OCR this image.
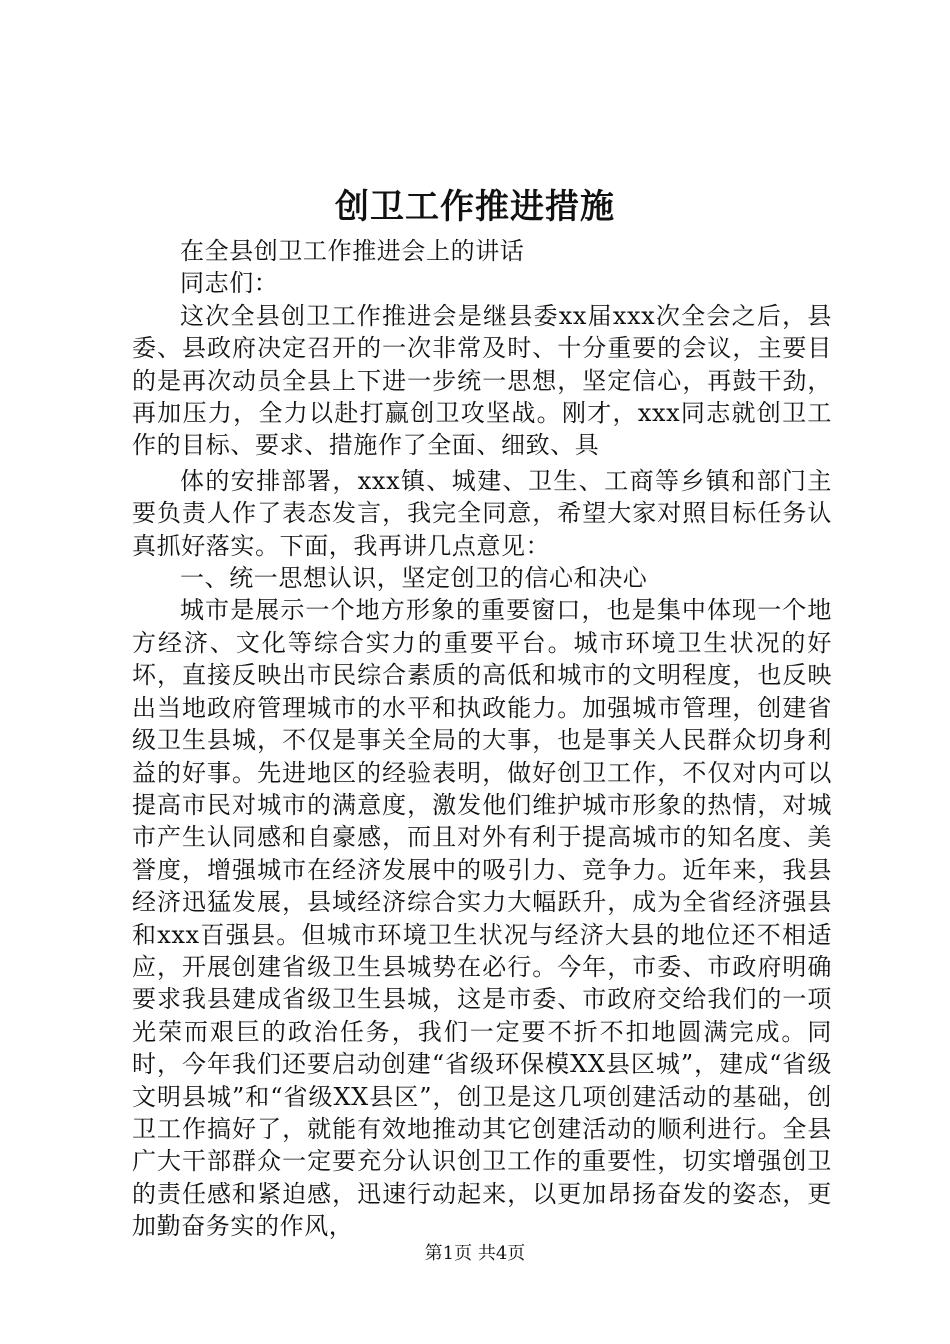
创卫工作推进措施

在全县创卫工作推进会上的讲话

同志们：

这次全县创卫工作推进会是继县委xx届xxx次全会之后，县委、县政府决定召开的一次非常及时、十分重要的会议，主要目的是再次动员全县上下进一步统一思想，坚定信心，再鼓干劲，再加压力，全力以赴打赢创卫攻坚战。刚才，xxx同志就创卫工作的目标、要求、措施作了全面、细致、具

体的安排部署，xxx镇、城建、卫生、工商等乡镇和部门主要负责人作了表态发言，我完全同意，希望大家对照目标任务认真抓好落实。下面，我再讲几点意见：

一、统一思想认识，坚定创卫的信心和决心

城市是展示一个地方形象的重要窗口，也是集中体现一个地方经济、文化等综合实力的重要平台。城市环境卫生状况的好坏，直接反映出市民综合素质的高低和城市的文明程度，也反映出当地政府管理城市的水平和执政能力。加强城市管理，创建省级卫生县城，不仅是事关全局的大事，也是事关人民群众切身利益的好事。先进地区的经验表明，做好创卫工作，不仅对内可以提高市民对城市的满意度，激发他们维护城市形象的热情，对城市产生认同感和自豪感，而且对外有利于提高城市的知名度、美誉度，增强城市在经济发展中的吸引力、竞争力。近年来，我县经济迅猛发展，县域经济综合实力大幅跃升，成为全省经济强县和xxx百强县。但城市环境卫生状况与经济大县的地位还不相适应，开展创建省级卫生县城势在必行。今年，市委、市政府明确要求我县建成省级卫生县城，这是市委、市政府交给我们的一项光荣而艰巨的政治任务，我们一定要不折不扣地圆满完成。同时，今年我们还要启动创建“省级环保模XX县区城”，建成“省级文明县城”和“省级XX县区”，创卫是这几项创建活动的基础，创卫工作搞好了，就能有效地推动其它创建活动的顺利进行。全县广大干部群众一定要充分认识创卫工作的重要性，切实增强创卫的责任感和紧迫感，迅速行动起来，以更加昂扬奋发的姿态，更加勤奋务实的作风，

第1页 共4页
